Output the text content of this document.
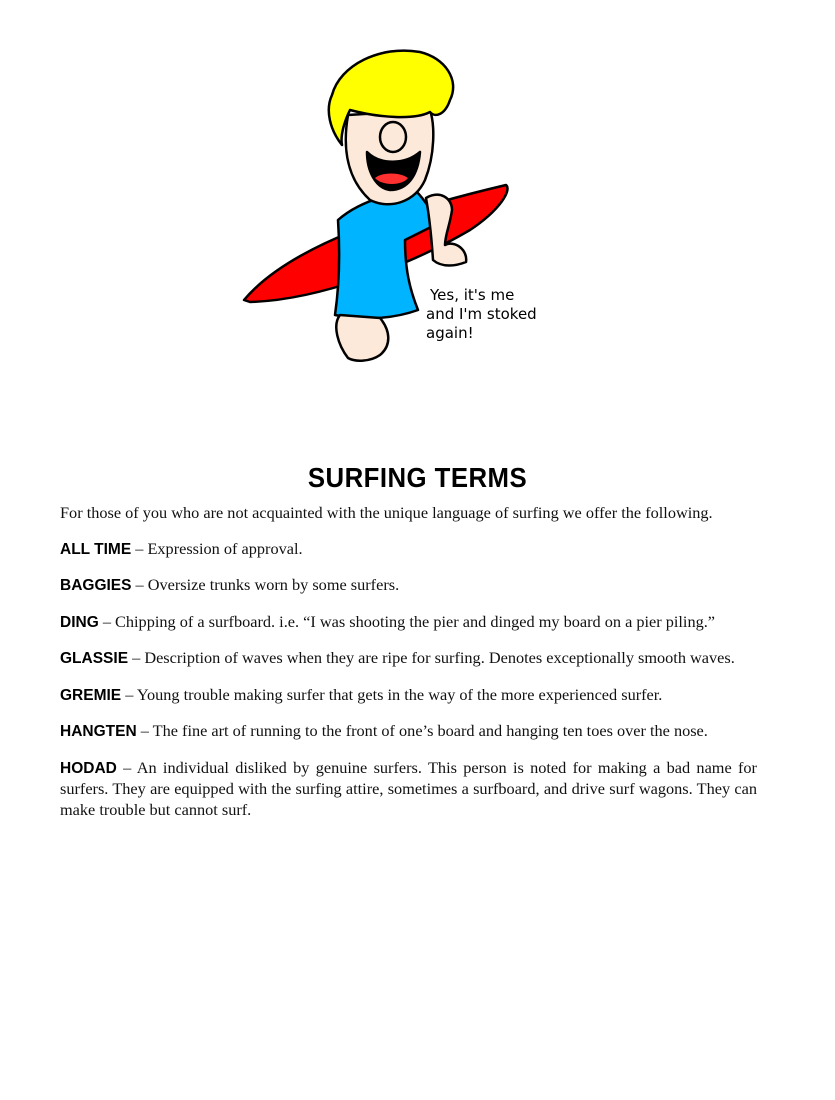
Yes, it's me
and I'm stoked
again!
SURFING TERMS

For those of you who are not acquainted with the unique language of surfing we offer the following.

ALL TIME – Expression of approval.

BAGGIES – Oversize trunks worn by some surfers.

DING – Chipping of a surfboard. i.e. “I was shooting the pier and dinged my board on a pier piling.”

GLASSIE – Description of waves when they are ripe for surfing. Denotes exceptionally smooth waves.

GREMIE – Young trouble making surfer that gets in the way of the more experienced surfer.

HANGTEN – The fine art of running to the front of one’s board and hanging ten toes over the nose.

HODAD – An individual disliked by genuine surfers. This person is noted for making a bad name for surfers. They are equipped with the surfing attire, sometimes a surfboard, and drive surf wagons. They can make trouble but cannot surf.
